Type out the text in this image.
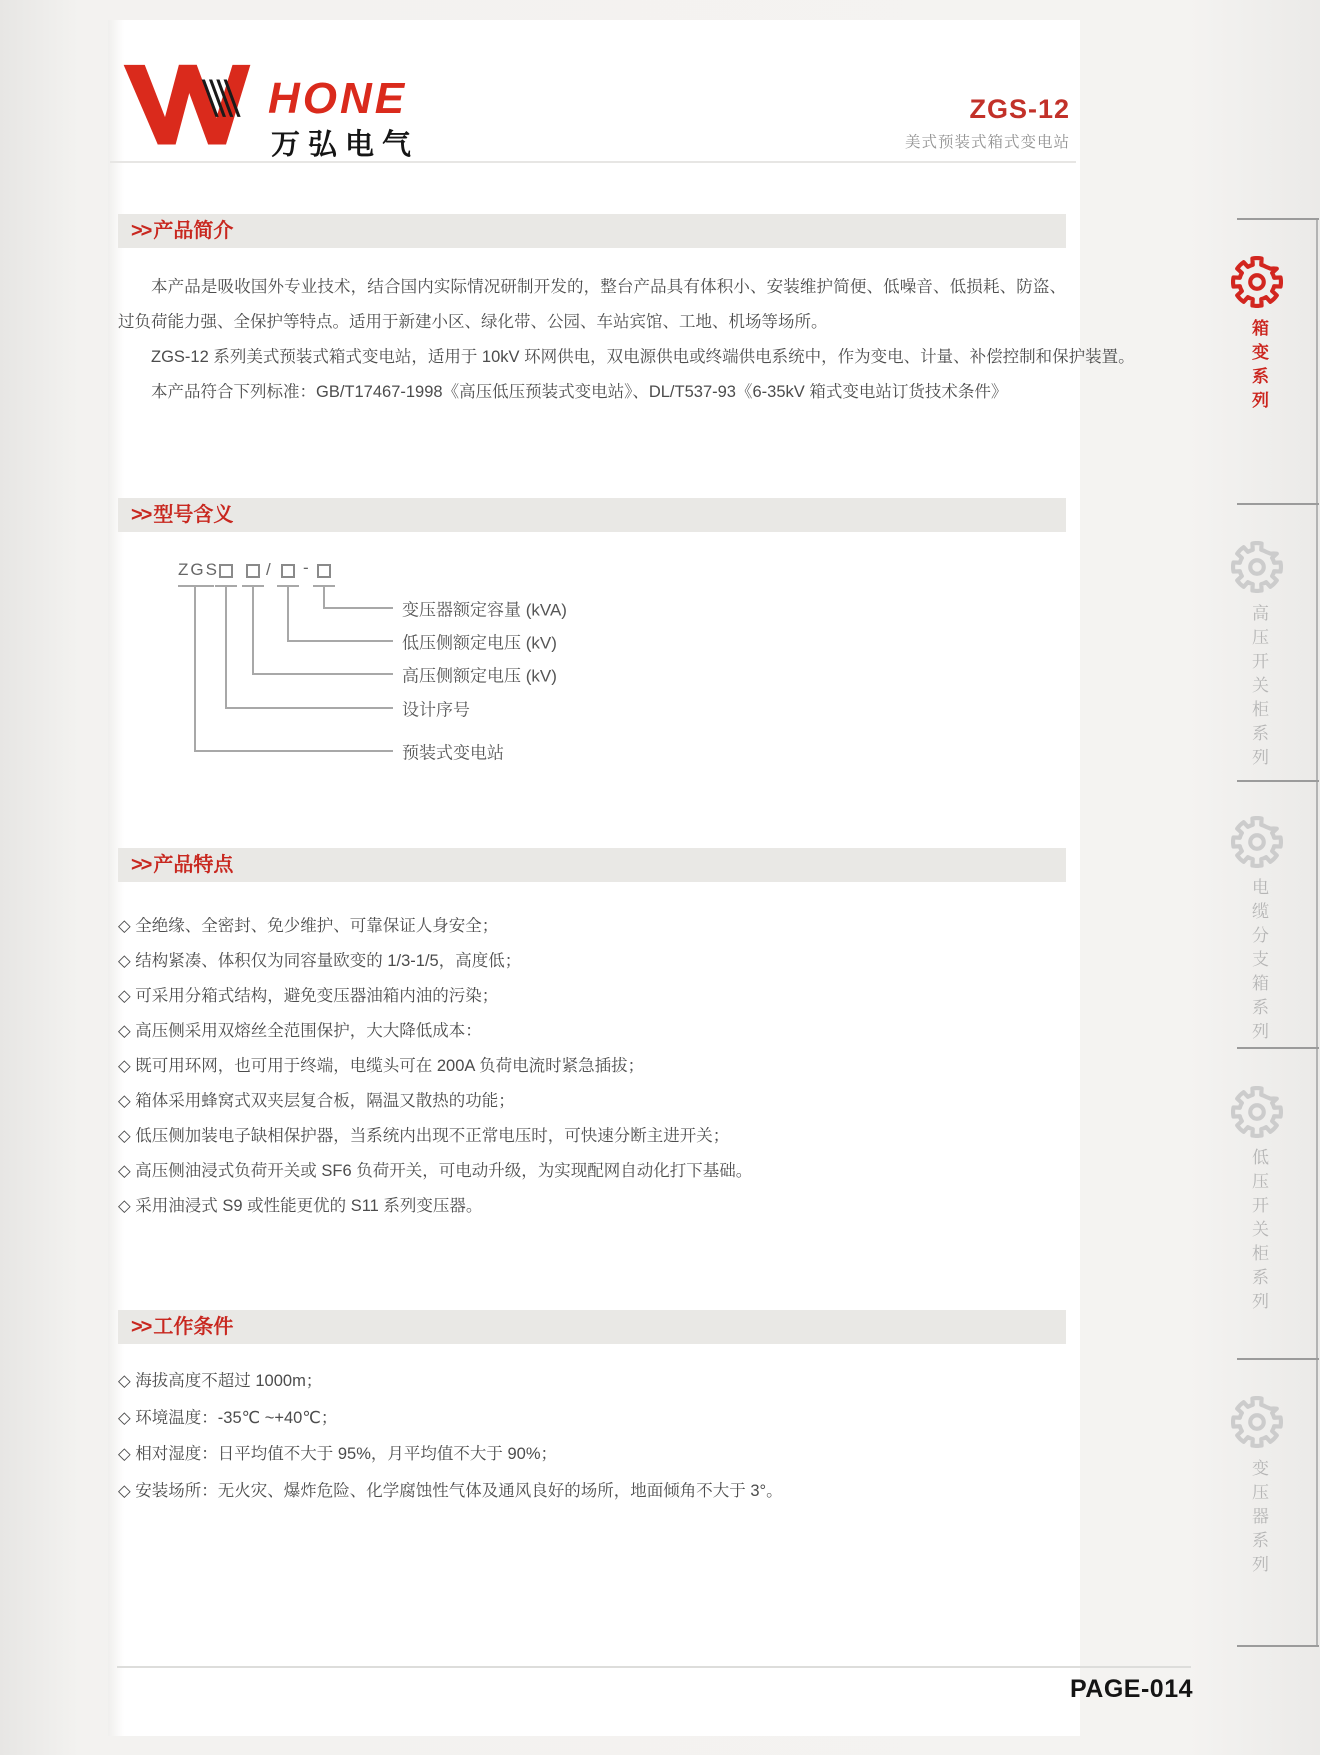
HONE
万弘电气
ZGS-12
美式预装式箱式变电站
>> 产品简介

本产品是吸收国外专业技术，结合国内实际情况研制开发的，整台产品具有体积小、安装维护简便、低噪音、低损耗、防盗、过负荷能力强、全保护等特点。适用于新建小区、绿化带、公园、车站宾馆、工地、机场等场所。

ZGS-12 系列美式预装式箱式变电站，适用于 10kV 环网供电，双电源供电或终端供电系统中，作为变电、计量、补偿控制和保护装置。

本产品符合下列标准：GB/T17467-1998《高压低压预装式变电站》、DL/T537-93《6-35kV 箱式变电站订货技术条件》

>> 型号含义
ZGS	/ -
变压器额定容量 (kVA)
低压侧额定电压 (kV)
高压侧额定电压 (kV)
设计序号
预装式变电站
>> 产品特点
◇ 全绝缘、全密封、免少维护、可靠保证人身安全；
◇ 结构紧凑、体积仅为同容量欧变的 1/3-1/5，高度低；
◇ 可采用分箱式结构，避免变压器油箱内油的污染；
◇ 高压侧采用双熔丝全范围保护，大大降低成本：
◇ 既可用环网，也可用于终端，电缆头可在 200A 负荷电流时紧急插拔；
◇ 箱体采用蜂窝式双夹层复合板，隔温又散热的功能；
◇ 低压侧加装电子缺相保护器，当系统内出现不正常电压时，可快速分断主进开关；
◇ 高压侧油浸式负荷开关或 SF6 负荷开关，可电动升级，为实现配网自动化打下基础。
◇ 采用油浸式 S9 或性能更优的 S11 系列变压器。
>> 工作条件
◇ 海拔高度不超过 1000m；
◇ 环境温度：-35℃ ~+40℃；
◇ 相对湿度：日平均值不大于 95%，月平均值不大于 90%；
◇ 安装场所：无火灾、爆炸危险、化学腐蚀性气体及通风良好的场所，地面倾角不大于 3°。
PAGE-014
箱变系列
高压开关柜系列
电缆分支箱系列
低压开关柜系列
变压器系列
